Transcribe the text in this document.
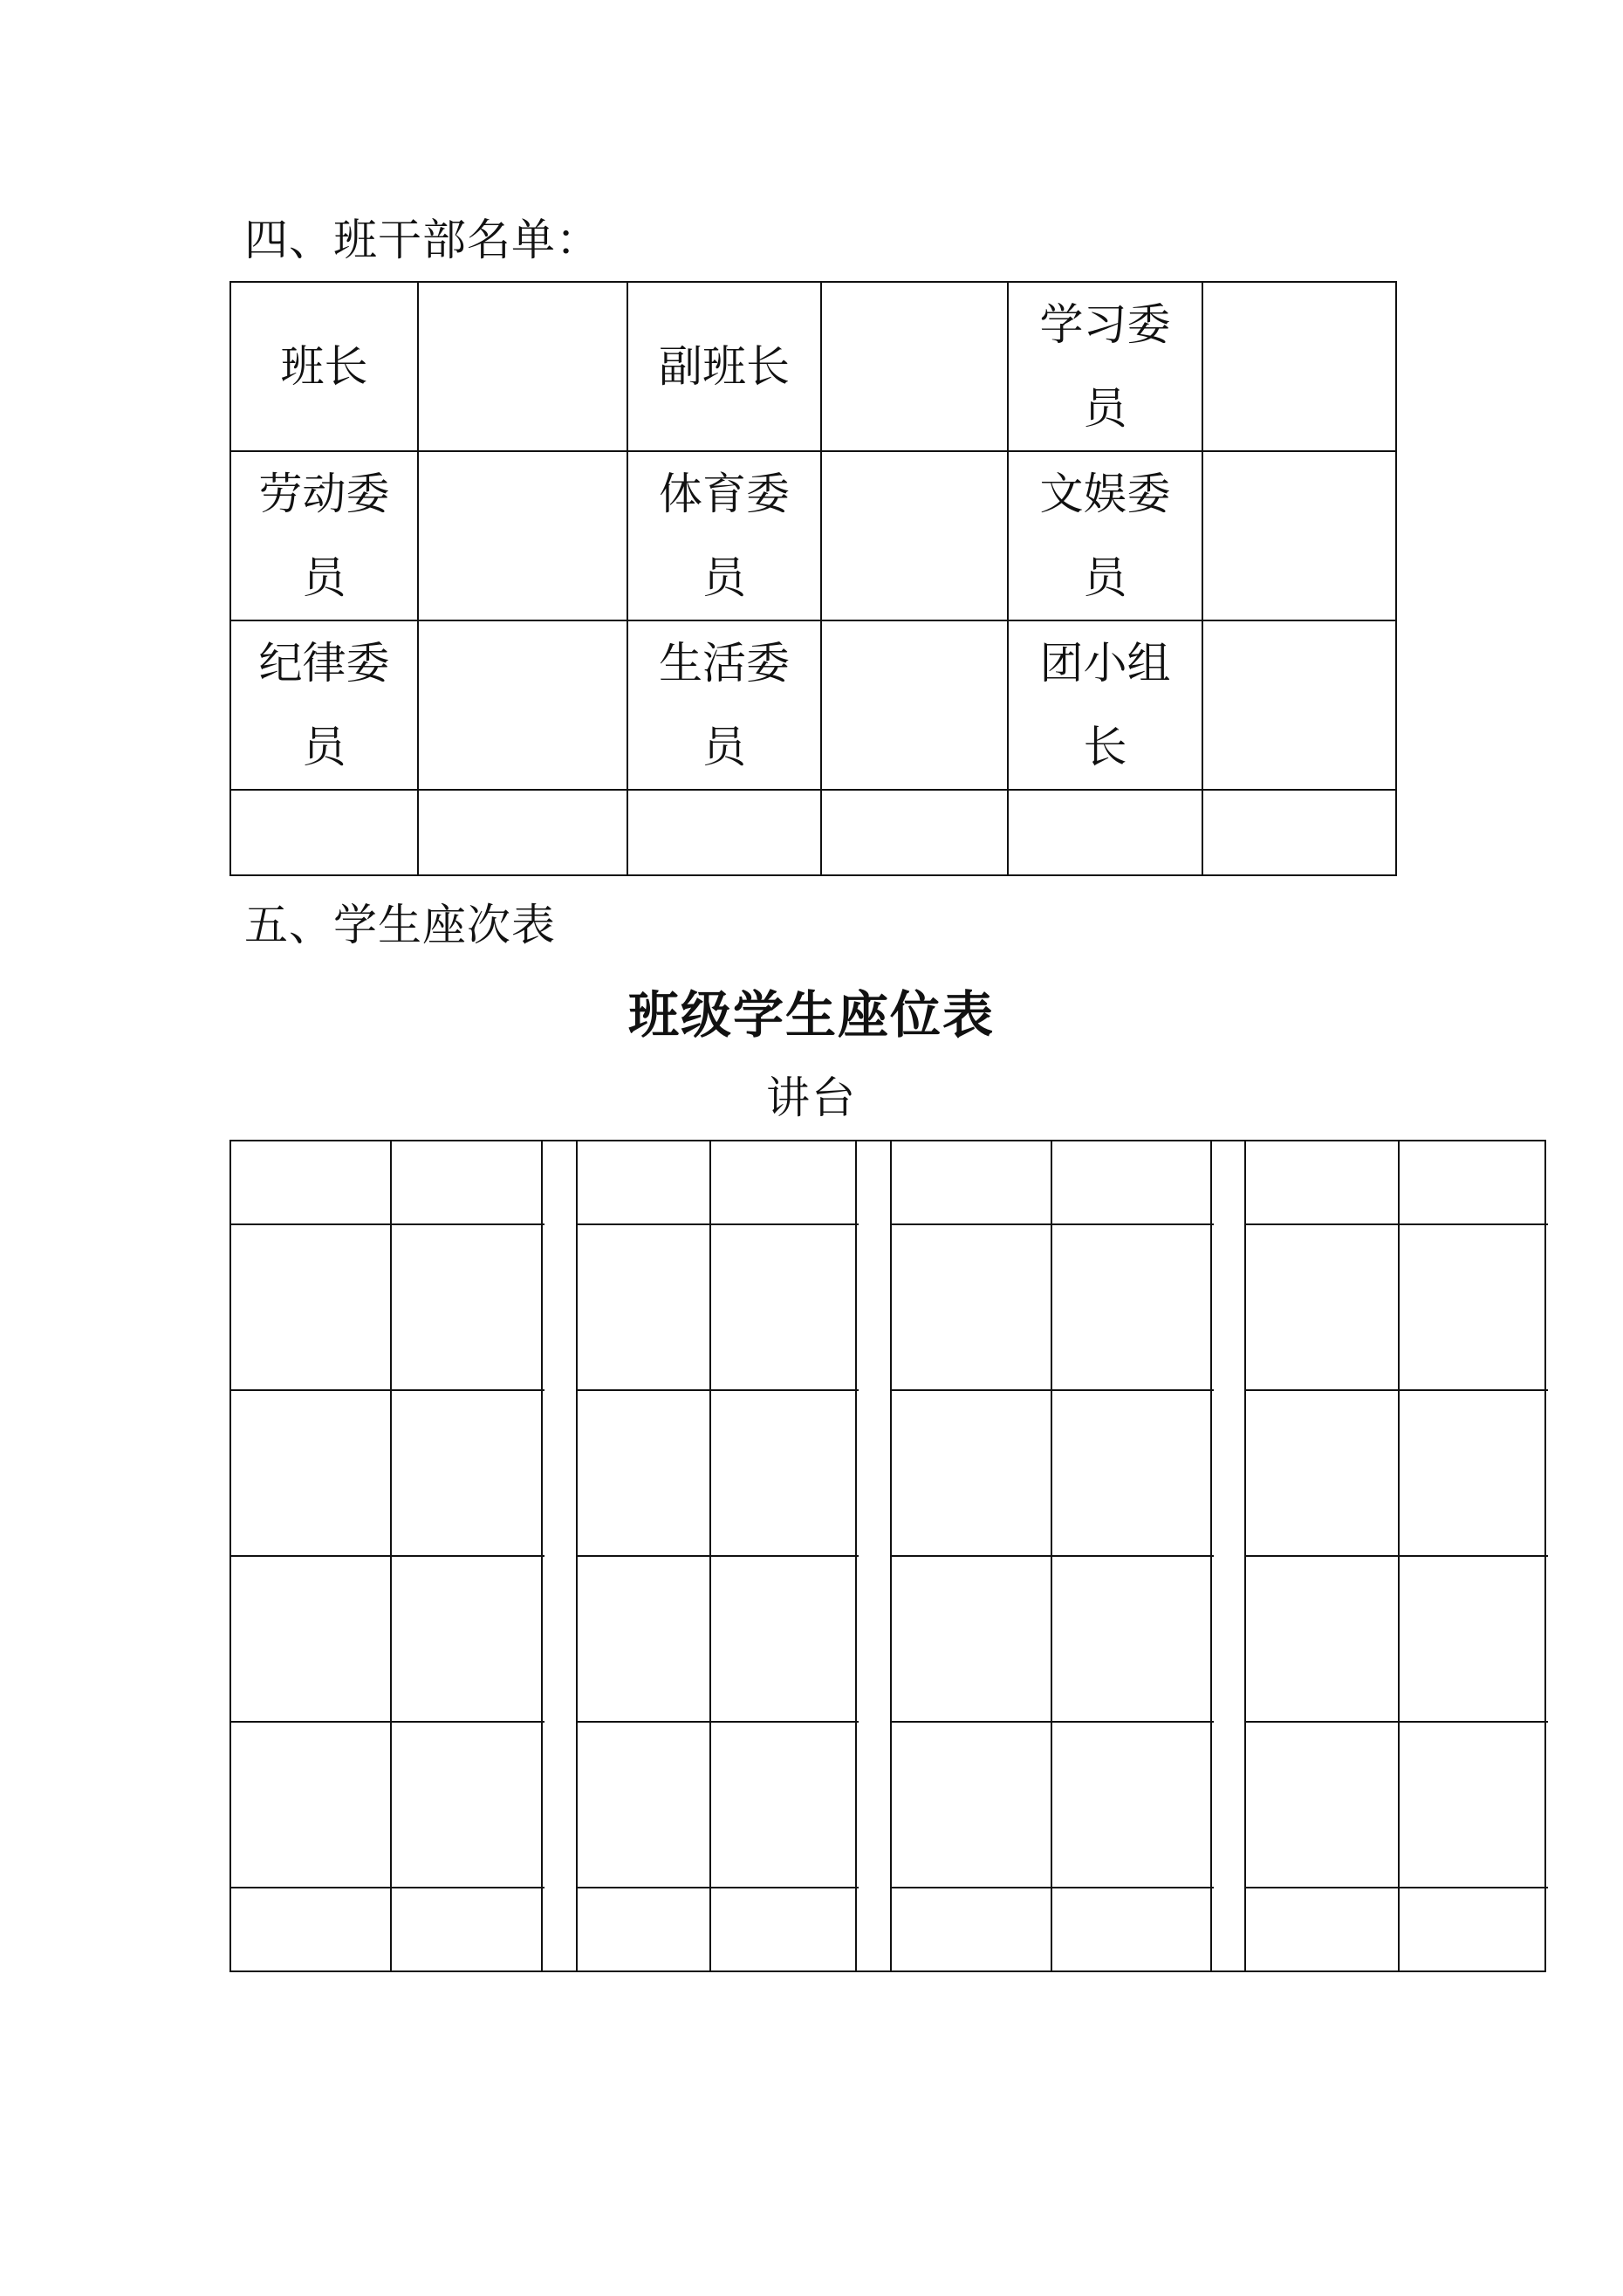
四、班干部名单：
班长		副班长		学习委员	
劳动委员		体育委员		文娱委员	
纪律委员		生活委员		团小组长	

五、学生座次表
班级学生座位表
讲台
